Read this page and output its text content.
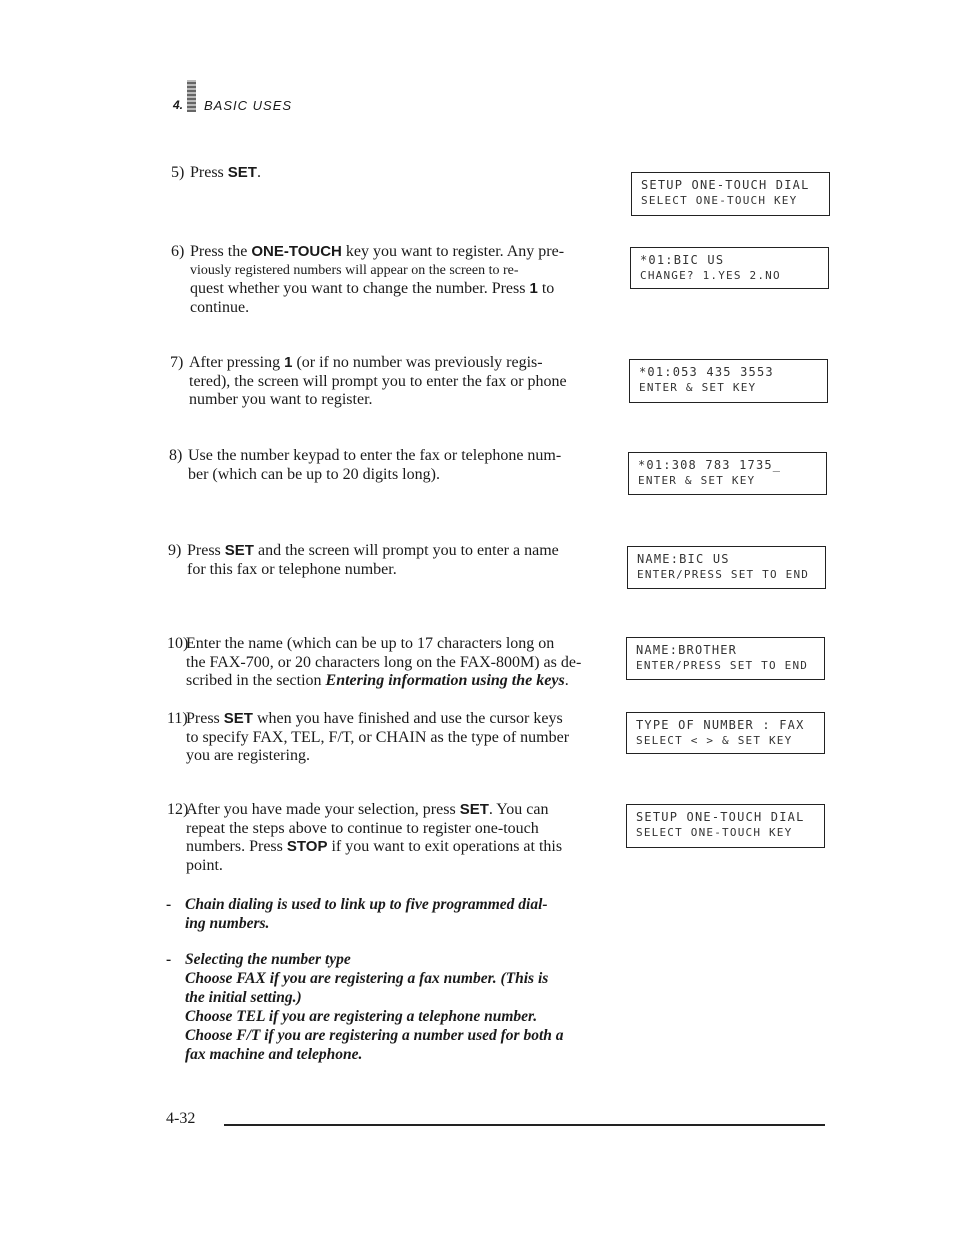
4. BASIC USES
5) Press SET.
6) Press the ONE-TOUCH key you want to register. Any pre-
viously registered numbers will appear on the screen to re-
quest whether you want to change the number. Press 1 to
continue.
7) After pressing 1 (or if no number was previously regis-
tered), the screen will prompt you to enter the fax or phone
number you want to register.
8) Use the number keypad to enter the fax or telephone num-
ber (which can be up to 20 digits long).
9) Press SET and the screen will prompt you to enter a name
for this fax or telephone number.
10)
Enter the name (which can be up to 17 characters long on
the FAX-700, or 20 characters long on the FAX-800M) as de-
scribed in the section Entering information using the keys.
11)
Press SET when you have finished and use the cursor keys
to specify FAX, TEL, F/T, or CHAIN as the type of number
you are registering.
12)
After you have made your selection, press SET. You can
repeat the steps above to continue to register one-touch
numbers. Press STOP if you want to exit operations at this
point.
SETUP ONE-TOUCH DIAL
SELECT ONE-TOUCH KEY
*01:BIC US
CHANGE? 1.YES 2.NO
*01:053 435 3553
ENTER & SET KEY
*01:308 783 1735_
ENTER & SET KEY
NAME:BIC US
ENTER/PRESS SET TO END
NAME:BROTHER
ENTER/PRESS SET TO END
TYPE OF NUMBER : FAX
SELECT < > & SET KEY
SETUP ONE-TOUCH DIAL
SELECT ONE-TOUCH KEY
- Chain dialing is used to link up to five programmed dial-
ing numbers.
- Selecting the number type
Choose FAX if you are registering a fax number. (This is
the initial setting.)
Choose TEL if you are registering a telephone number.
Choose F/T if you are registering a number used for both a
fax machine and telephone.
4-32
